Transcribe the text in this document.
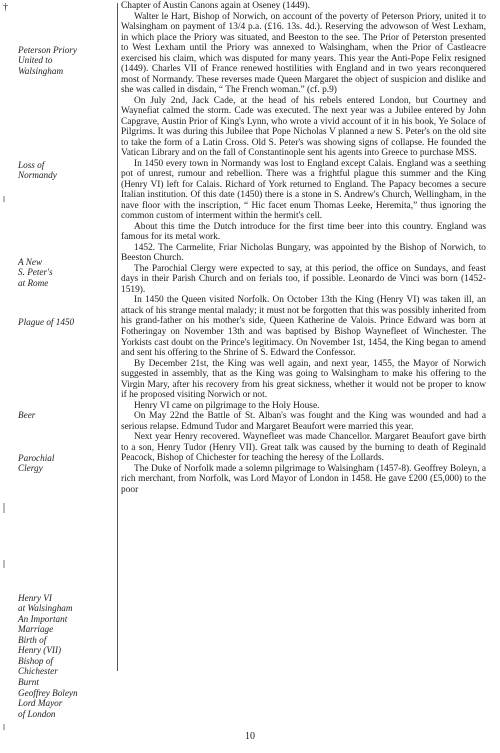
†
Peterson Priory
United to
Walsingham
Loss of
Normandy
A New
S. Peter's
at Rome
Plague of 1450
Beer
Parochial
Clergy
Henry VI
at Walsingham
An Important
Marriage
Birth of
Henry (VII)
Bishop of
Chichester
Burnt
Geoffrey Boleyn
Lord Mayor
of London

Chapter of Austin Canons again at Oseney (1449).

Walter le Hart, Bishop of Norwich, on account of the poverty of Peterson Priory, united it to Walsingham on payment of 13/4 p.a. (£16. 13s. 4d.). Reserving the advowson of West Lexham, in which place the Priory was situated, and Beeston to the see. The Prior of Peterston presented to West Lexham until the Priory was annexed to Walsingham, when the Prior of Castleacre exercised his claim, which was disputed for many years. This year the Anti-Pope Felix resigned (1449). Charles VII of France renewed hostilities with England and in two years reconquered most of Normandy. These reverses made Queen Margaret the object of suspicion and dislike and she was called in disdain, “ The French woman.” (cf. p.9)

On July 2nd, Jack Cade, at the head of his rebels entered London, but Courtney and Waynefiat calmed the storm. Cade was executed. The next year was a Jubilee entered by John Capgrave, Austin Prior of King's Lynn, who wrote a vivid account of it in his book, Ye Solace of Pilgrims. It was during this Jubilee that Pope Nicholas V planned a new S. Peter's on the old site to take the form of a Latin Cross. Old S. Peter's was showing signs of collapse. He founded the Vatican Library and on the fall of Constantinople sent his agents into Greece to purchase MSS.

In 1450 every town in Normandy was lost to England except Calais. England was a seething pot of unrest, rumour and rebellion. There was a frightful plague this summer and the King (Henry VI) left for Calais. Richard of York returned to England. The Papacy becomes a secure Italian institution. Of this date (1450) there is a stone in S. Andrew's Church, Wellingham, in the nave floor with the inscription, “ Hic facet enum Thomas Leeke, Heremita,” thus ignoring the common custom of interment within the hermit's cell.

About this time the Dutch introduce for the first time beer into this country. England was famous for its metal work.

1452. The Carmelite, Friar Nicholas Bungary, was appointed by the Bishop of Norwich, to Beeston Church.

The Parochial Clergy were expected to say, at this period, the office on Sundays, and feast days in their Parish Church and on ferials too, if possible. Leonardo de Vinci was born (1452-1519).

In 1450 the Queen visited Norfolk. On October 13th the King (Henry VI) was taken ill, an attack of his strange mental malady; it must not be forgotten that this was possibly inherited from his grand-father on his mother's side, Queen Katherine de Valois. Prince Edward was born at Fotheringay on November 13th and was baptised by Bishop Waynefleet of Winchester. The Yorkists cast doubt on the Prince's legitimacy. On November 1st, 1454, the King began to amend and sent his offering to the Shrine of S. Edward the Confessor.

By December 21st, the King was well again, and next year, 1455, the Mayor of Norwich suggested in assembly, that as the King was going to Walsingham to make his offering to the Virgin Mary, after his recovery from his great sickness, whether it would not be proper to know if he proposed visiting Norwich or not.

Henry VI came on pilgrimage to the Holy House.

On May 22nd the Battle of St. Alban's was fought and the King was wounded and had a serious relapse. Edmund Tudor and Margaret Beaufort were married this year.

Next year Henry recovered. Waynefleet was made Chancellor. Margaret Beaufort gave birth to a son, Henry Tudor (Henry VII). Great talk was caused by the burning to death of Reginald Peacock, Bishop of Chichester for teaching the heresy of the Lollards.

The Duke of Norfolk made a solemn pilgrimage to Walsingham (1457-8). Geoffrey Boleyn, a rich merchant, from Norfolk, was Lord Mayor of London in 1458. He gave £200 (£5,000) to the poor

10
